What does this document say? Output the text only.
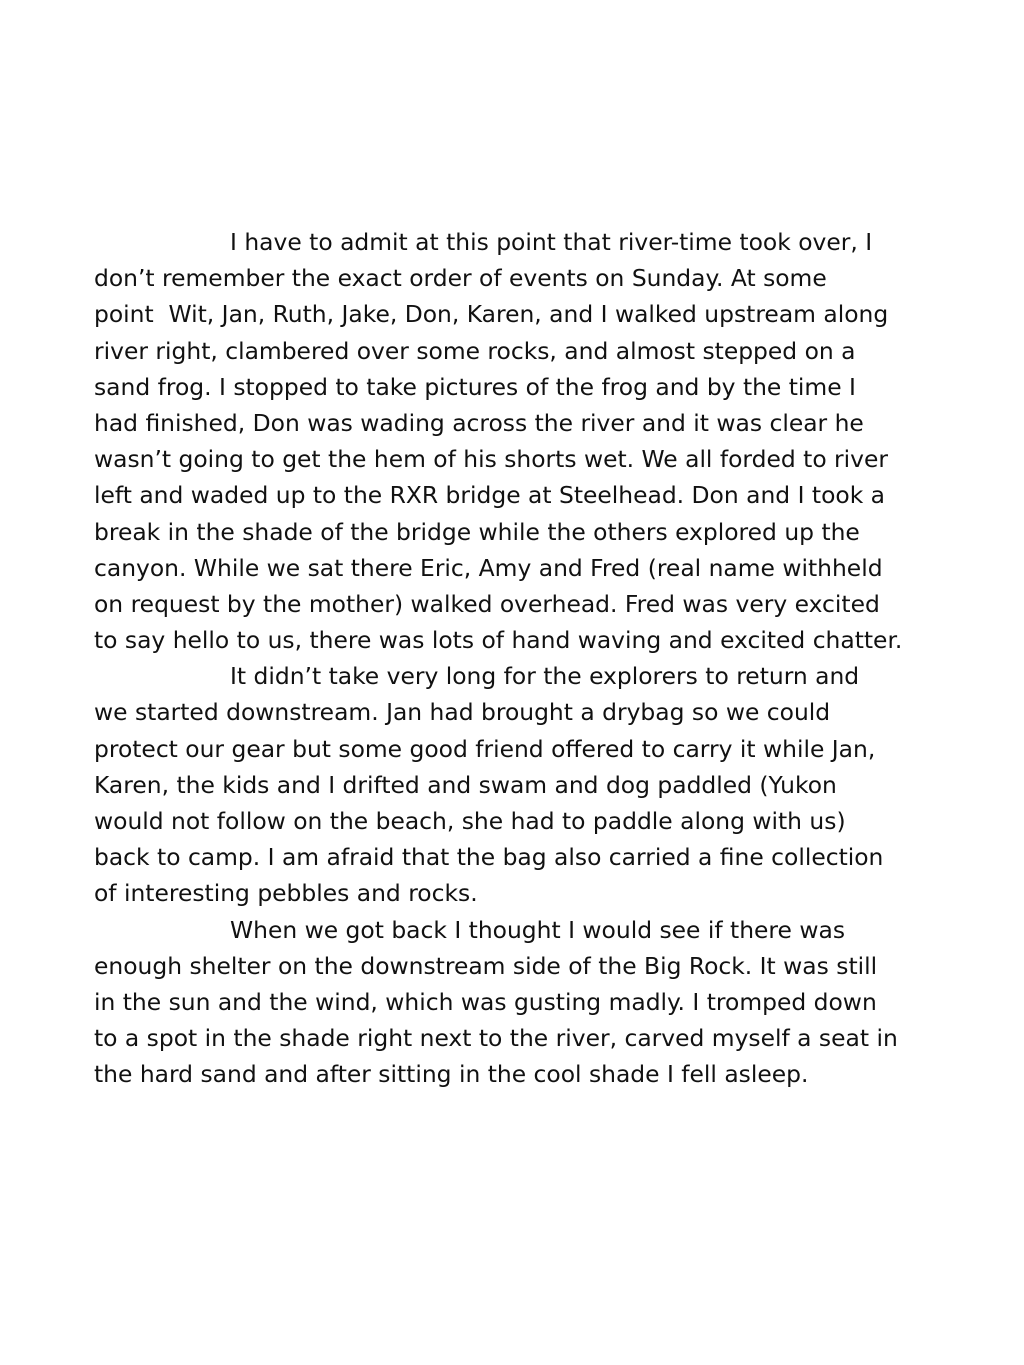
I have to admit at this point that river-time took over, I
don’t remember the exact order of events on Sunday. At some
point  Wit, Jan, Ruth, Jake, Don, Karen, and I walked upstream along
river right, clambered over some rocks, and almost stepped on a
sand frog. I stopped to take pictures of the frog and by the time I
had finished, Don was wading across the river and it was clear he
wasn’t going to get the hem of his shorts wet. We all forded to river
left and waded up to the RXR bridge at Steelhead. Don and I took a
break in the shade of the bridge while the others explored up the
canyon. While we sat there Eric, Amy and Fred (real name withheld
on request by the mother) walked overhead. Fred was very excited
to say hello to us, there was lots of hand waving and excited chatter.
It didn’t take very long for the explorers to return and
we started downstream. Jan had brought a drybag so we could
protect our gear but some good friend offered to carry it while Jan,
Karen, the kids and I drifted and swam and dog paddled (Yukon
would not follow on the beach, she had to paddle along with us)
back to camp. I am afraid that the bag also carried a fine collection
of interesting pebbles and rocks.
When we got back I thought I would see if there was
enough shelter on the downstream side of the Big Rock. It was still
in the sun and the wind, which was gusting madly. I tromped down
to a spot in the shade right next to the river, carved myself a seat in
the hard sand and after sitting in the cool shade I fell asleep.
